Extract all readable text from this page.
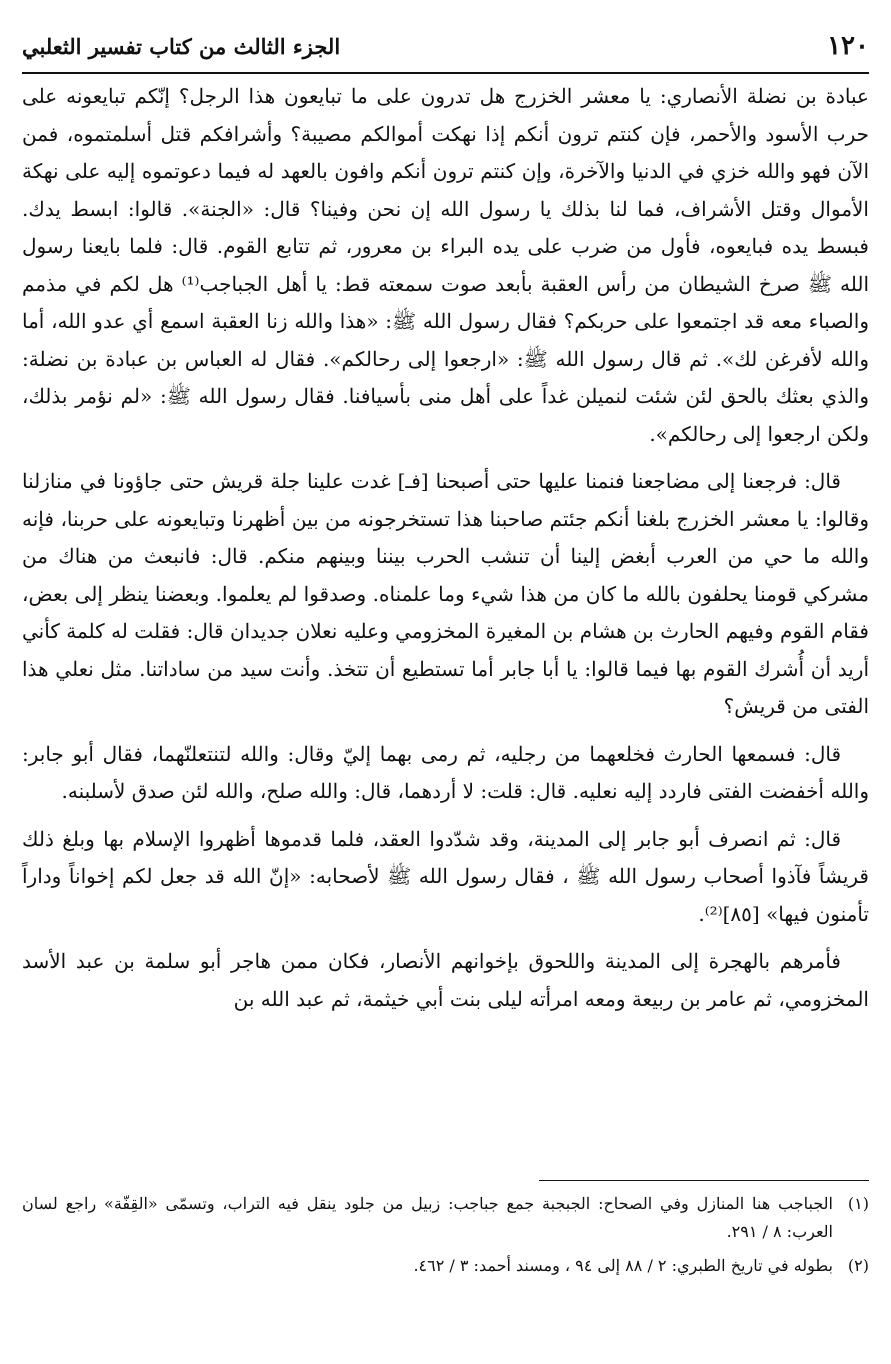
١٢٠
الجزء الثالث من كتاب تفسير الثعلبي

عبادة بن نضلة الأنصاري: يا معشر الخزرج هل تدرون على ما تبايعون هذا الرجل؟ إنّكم تبايعونه على حرب الأسود والأحمر، فإن كنتم ترون أنكم إذا نهكت أموالكم مصيبة؟ وأشرافكم قتل أسلمتموه، فمن الآن فهو والله خزي في الدنيا والآخرة، وإن كنتم ترون أنكم وافون بالعهد له فيما دعوتموه إليه على نهكة الأموال وقتل الأشراف، فما لنا بذلك يا رسول الله إن نحن وفينا؟ قال: «الجنة». قالوا: ابسط يدك. فبسط يده فبايعوه، فأول من ضرب على يده البراء بن معرور، ثم تتابع القوم. قال: فلما بايعنا رسول الله ﷺ صرخ الشيطان من رأس العقبة بأبعد صوت سمعته قط: يا أهل الجباجب⁽¹⁾ هل لكم في مذمم والصباء معه قد اجتمعوا على حربكم؟ فقال رسول الله ﷺ: «هذا والله زنا العقبة اسمع أي عدو الله، أما والله لأفرغن لك». ثم قال رسول الله ﷺ: «ارجعوا إلى رحالكم». فقال له العباس بن عبادة بن نضلة: والذي بعثك بالحق لئن شئت لنميلن غداً على أهل منى بأسيافنا. فقال رسول الله ﷺ: «لم نؤمر بذلك، ولكن ارجعوا إلى رحالكم».

قال: فرجعنا إلى مضاجعنا فنمنا عليها حتى أصبحنا [فـ] غدت علينا جلة قريش حتى جاؤونا في منازلنا وقالوا: يا معشر الخزرج بلغنا أنكم جئتم صاحبنا هذا تستخرجونه من بين أظهرنا وتبايعونه على حربنا، فإنه والله ما حي من العرب أبغض إلينا أن تنشب الحرب بيننا وبينهم منكم. قال: فانبعث من هناك من مشركي قومنا يحلفون بالله ما كان من هذا شيء وما علمناه. وصدقوا لم يعلموا. وبعضنا ينظر إلى بعض، فقام القوم وفيهم الحارث بن هشام بن المغيرة المخزومي وعليه نعلان جديدان قال: فقلت له كلمة كأني أريد أن أُشرك القوم بها فيما قالوا: يا أبا جابر أما تستطيع أن تتخذ. وأنت سيد من ساداتنا. مثل نعلي هذا الفتى من قريش؟

قال: فسمعها الحارث فخلعهما من رجليه، ثم رمى بهما إليّ وقال: والله لتنتعلنّهما، فقال أبو جابر: والله أخفضت الفتى فاردد إليه نعليه. قال: قلت: لا أردهما، قال: والله صلح، والله لئن صدق لأسلبنه.

قال: ثم انصرف أبو جابر إلى المدينة، وقد شدّدوا العقد، فلما قدموها أظهروا الإسلام بها وبلغ ذلك قريشاً فآذوا أصحاب رسول الله ﷺ ، فقال رسول الله ﷺ لأصحابه: «إنّ الله قد جعل لكم إخواناً وداراً تأمنون فيها» [٨٥]⁽²⁾.

فأمرهم بالهجرة إلى المدينة واللحوق بإخوانهم الأنصار، فكان ممن هاجر أبو سلمة بن عبد الأسد المخزومي، ثم عامر بن ربيعة ومعه امرأته ليلى بنت أبي خيثمة، ثم عبد الله بن

(١)
الجباجب هنا المنازل وفي الصحاح: الجبجبة جمع جباجب: زبيل من جلود ينقل فيه التراب، وتسمّى «القِفّة» راجع لسان العرب: ٨ / ٢٩١.
(٢)
بطوله في تاريخ الطبري: ٢ / ٨٨ إلى ٩٤ ، ومسند أحمد: ٣ / ٤٦٢.
